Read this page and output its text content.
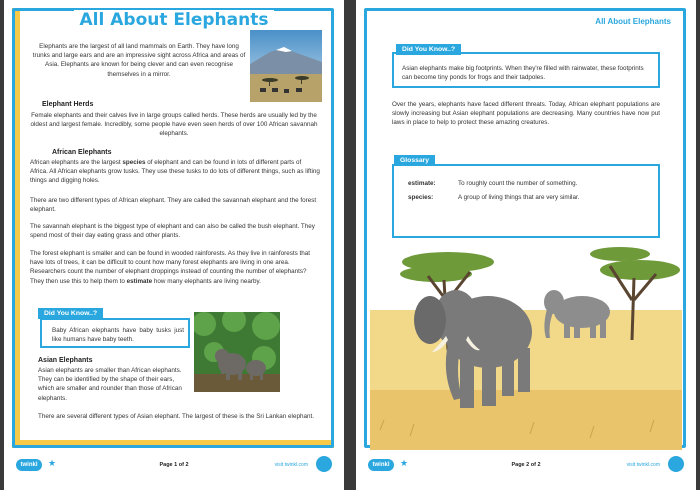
All About Elephants
Elephants are the largest of all land mammals on Earth. They have long trunks and large ears and are an impressive sight across Africa and areas of Asia. Elephants are known for being clever and can even recognise themselves in a mirror.
Elephant Herds
Female elephants and their calves live in large groups called herds. These herds are usually led by the oldest and largest female. Incredibly, some people have even seen herds of over 100 African savannah elephants.
African Elephants
African elephants are the largest species of elephant and can be found in lots of different parts of Africa. All African elephants grow tusks. They use these tusks to do lots of different things, such as lifting things and digging holes.
There are two different types of African elephant. They are called the savannah elephant and the forest elephant.
The savannah elephant is the biggest type of elephant and can also be called the bush elephant. They spend most of their day eating grass and other plants.
The forest elephant is smaller and can be found in wooded rainforests. As they live in rainforests that have lots of trees, it can be difficult to count how many forest elephants are living in one area. Researchers count the number of elephant droppings instead of counting the number of elephants? They then use this to help them to estimate how many elephants are living nearby.
Baby African elephants have baby tusks just like humans have baby teeth.
Did You Know..?
Asian Elephants
Asian elephants are smaller than African elephants. They can be identified by the shape of their ears, which are smaller and rounder than those of African elephants.
There are several different types of Asian elephant. The largest of these is the Sri Lankan elephant.
twinkl	★	Page 1 of 2	visit twinkl.com
All About Elephants
Asian elephants make big footprints. When they're filled with rainwater, these footprints can become tiny ponds for frogs and their tadpoles.
Did You Know..?
Over the years, elephants have faced different threats. Today, African elephant populations are slowly increasing but Asian elephant populations are decreasing. Many countries have now put laws in place to help to protect these amazing creatures.
estimate:	To roughly count the number of something.
species:	A group of living things that are very similar.
Glossary
twinkl	★	Page 2 of 2	visit twinkl.com
